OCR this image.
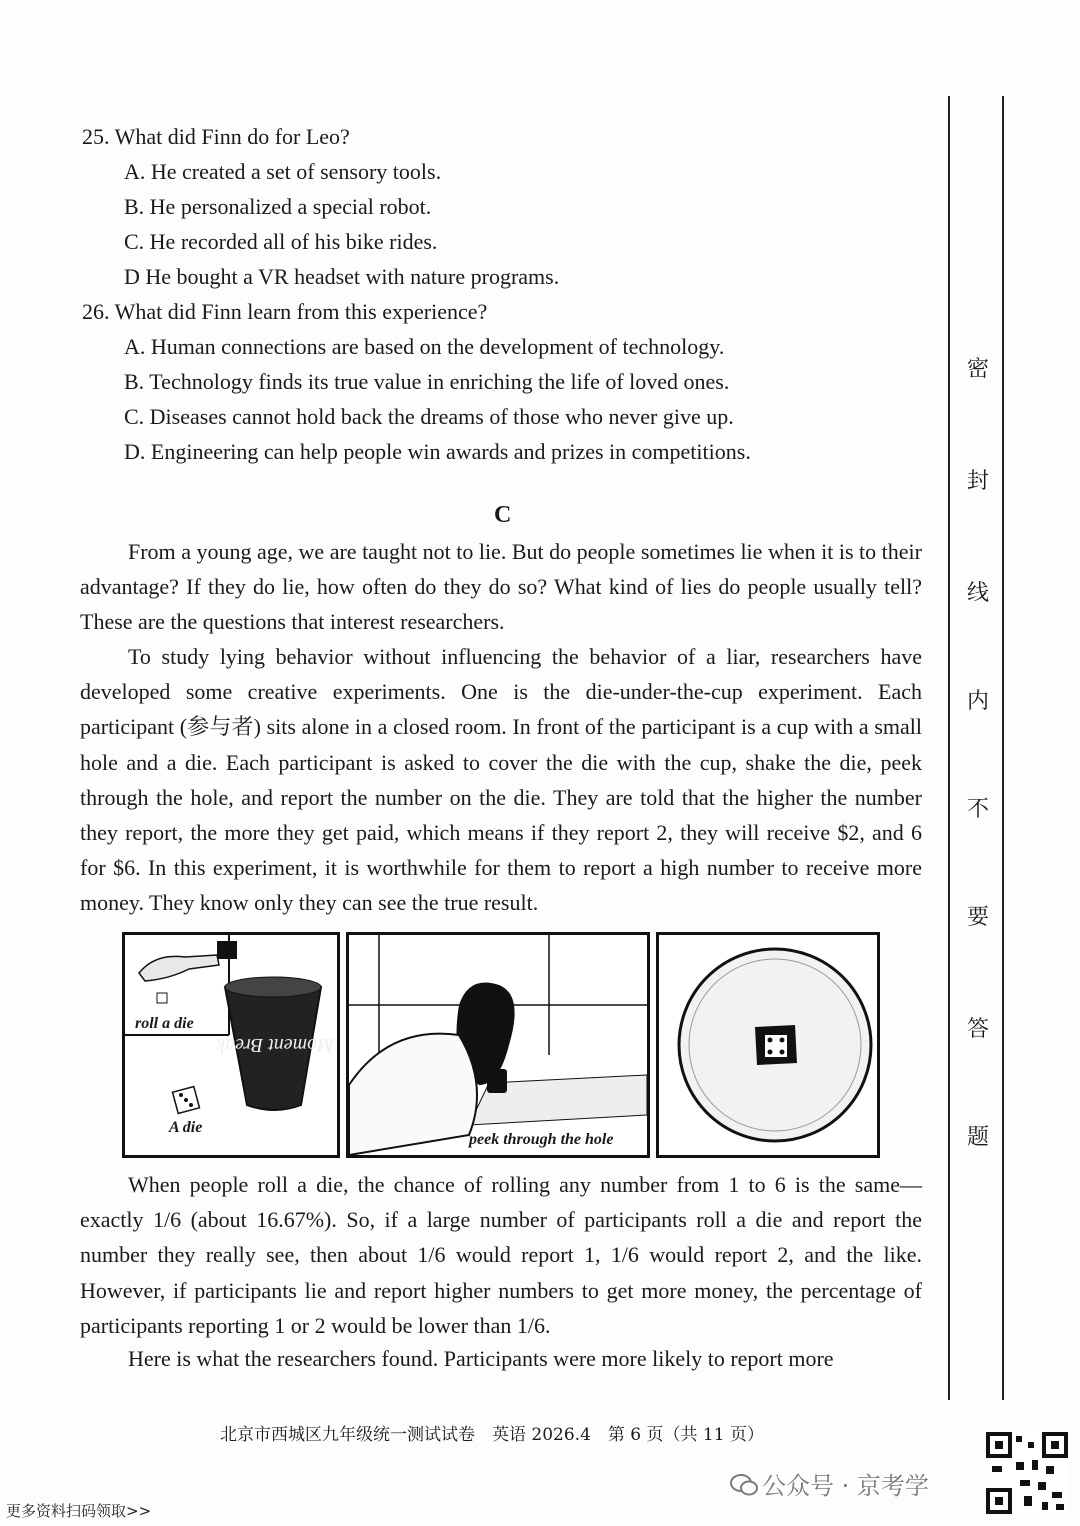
25. What did Finn do for Leo?
A. He created a set of sensory tools.
B. He personalized a special robot.
C. He recorded all of his bike rides.
D He bought a VR headset with nature programs.
26. What did Finn learn from this experience?
A. Human connections are based on the development of technology.
B. Technology finds its true value in enriching the life of loved ones.
C. Diseases cannot hold back the dreams of those who never give up.
D. Engineering can help people win awards and prizes in competitions.
C

From a young age, we are taught not to lie. But do people sometimes lie when it is to their advantage? If they do lie, how often do they do so? What kind of lies do people usually tell? These are the questions that interest researchers.

To study lying behavior without influencing the behavior of a liar, researchers have developed some creative experiments. One is the die-under-the-cup experiment. Each participant (参与者) sits alone in a closed room. In front of the participant is a cup with a small hole and a die. Each participant is asked to cover the die with the cup, shake the die, peek through the hole, and report the number on the die. They are told that the higher the number they report, the more they get paid, which means if they report 2, they will receive $2, and 6 for $6. In this experiment, it is worthwhile for them to report a high number to receive more money. They know only they can see the true result.

Moment Break
roll a die
A die
peek through the hole

When people roll a die, the chance of rolling any number from 1 to 6 is the same—exactly 1/6 (about 16.67%). So, if a large number of participants roll a die and report the number they really see, then about 1/6 would report 1, 1/6 would report 2, and the like. However, if participants lie and report higher numbers to get more money, the percentage of participants reporting 1 or 2 would be lower than 1/6.

Here is what the researchers found. Participants were more likely to report more

密
封
线
内
不
要
答
题
北京市西城区九年级统一测试试卷　英语 2026.4　第 6 页（共 11 页）
公众号 · 京考学
更多资料扫码领取>>
